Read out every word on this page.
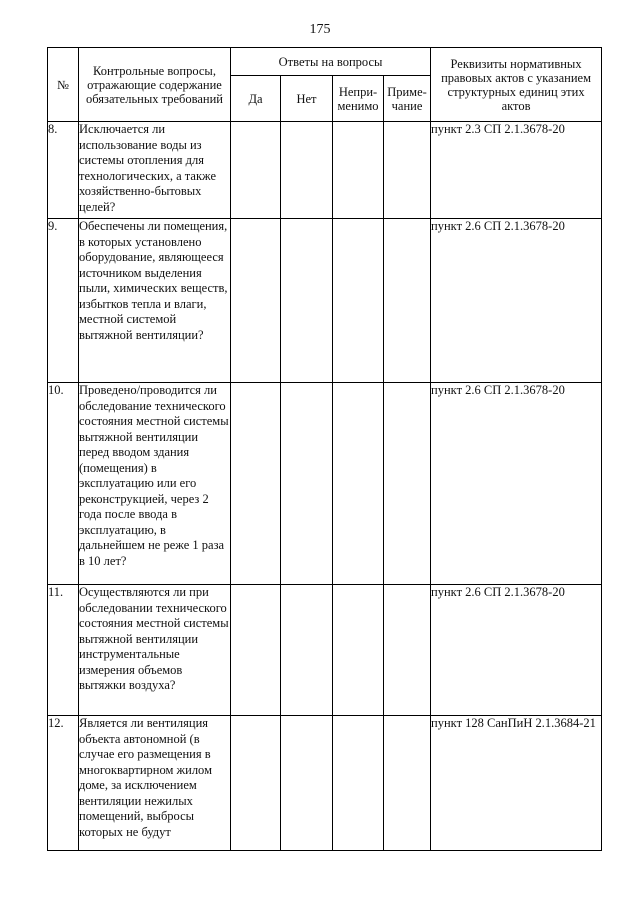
175
№	Контрольные вопросы, отражающие содержание обязательных требований	Ответы на вопросы				Реквизиты нормативных правовых актов с указанием структурных единиц этих актов
		Да	Нет	Непри-менимо	Приме-чание	
8.	Исключается ли использование воды из системы отопления для технологических, а также хозяйственно-бытовых целей?					пункт 2.3 СП 2.1.3678-20
9.	Обеспечены ли помещения, в которых установлено оборудование, являющееся источником выделения пыли, химических веществ, избытков тепла и влаги, местной системой вытяжной вентиляции?					пункт 2.6 СП 2.1.3678-20
10.	Проведено/проводится ли обследование технического состояния местной системы вытяжной вентиляции перед вводом здания (помещения) в эксплуатацию или его реконструкцией, через 2 года после ввода в эксплуатацию, в дальнейшем не реже 1 раза в 10 лет?					пункт 2.6 СП 2.1.3678-20
11.	Осуществляются ли при обследовании технического состояния местной системы вытяжной вентиляции инструментальные измерения объемов вытяжки воздуха?					пункт 2.6 СП 2.1.3678-20
12.	Является ли вентиляция объекта автономной (в случае его размещения в многоквартирном жилом доме, за исключением вентиляции нежилых помещений, выбросы которых не будут					пункт 128 СанПиН 2.1.3684-21
